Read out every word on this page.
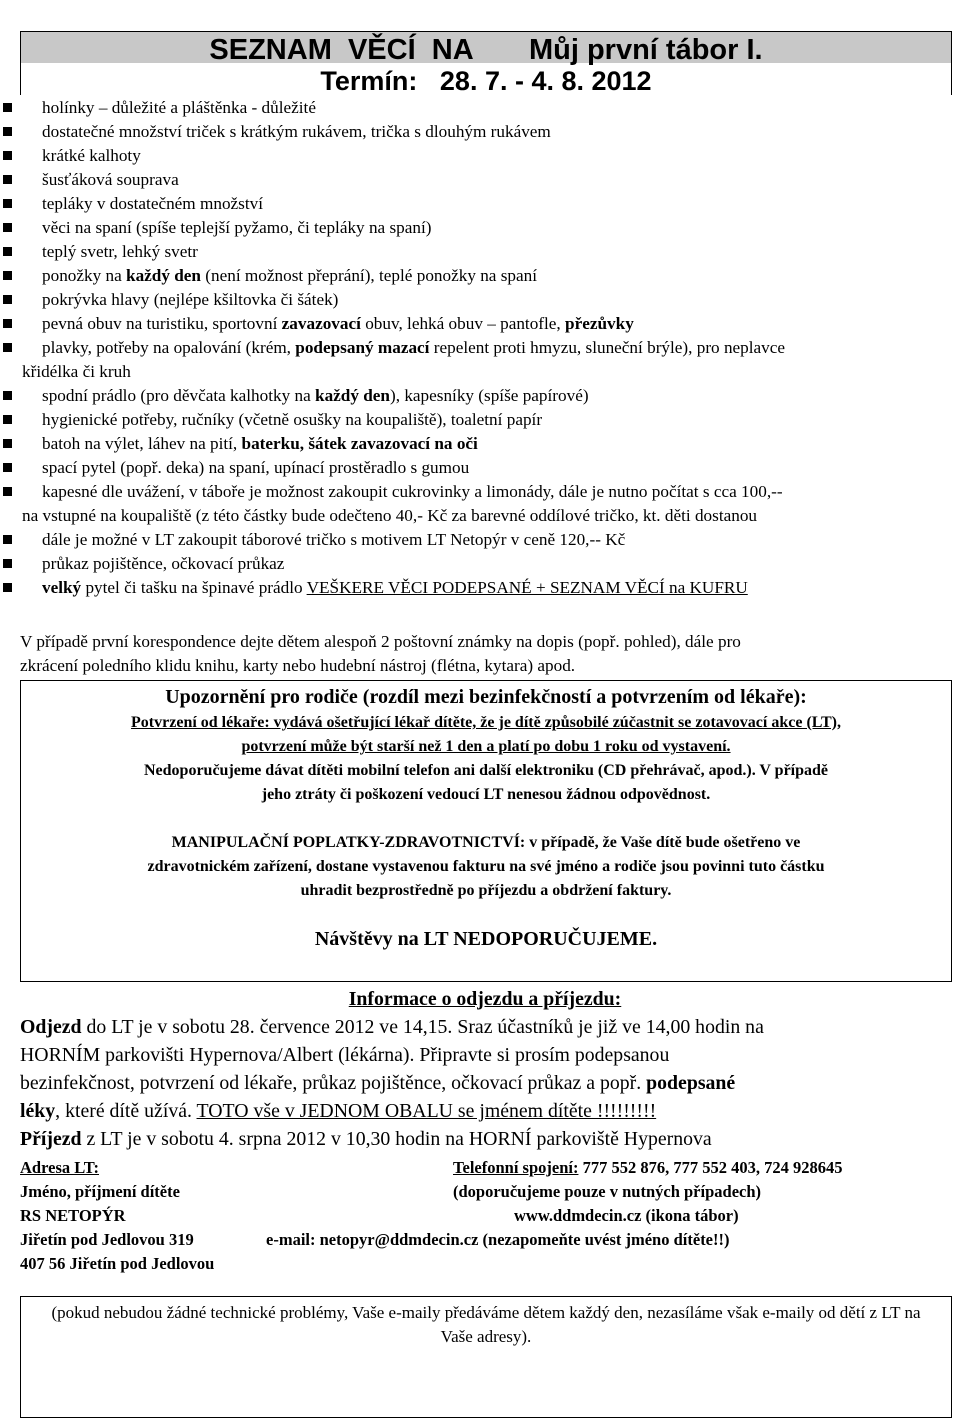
SEZNAM  VĚCÍ  NA       Můj první tábor I.
Termín:   28. 7. - 4. 8. 2012
holínky – důležité a pláštěnka - důležité
dostatečné množství triček s krátkým rukávem, trička s dlouhým rukávem
krátké kalhoty
šusťáková souprava
tepláky v dostatečném množství
věci na spaní (spíše teplejší pyžamo, či tepláky na spaní)
teplý svetr, lehký svetr
ponožky na každý den (není možnost přeprání), teplé ponožky na spaní
pokrývka hlavy (nejlépe kšiltovka či šátek)
pevná obuv na turistiku, sportovní zavazovací obuv, lehká obuv – pantofle, přezůvky
plavky, potřeby na opalování (krém, podepsaný mazací repelent proti hmyzu, sluneční brýle), pro neplavce
křidélka či kruh
spodní prádlo (pro děvčata kalhotky na každý den), kapesníky (spíše papírové)
hygienické potřeby, ručníky (včetně osušky na koupaliště), toaletní papír
batoh na výlet, láhev na pití, baterku, šátek zavazovací na oči
spací pytel (popř. deka) na spaní, upínací prostěradlo s gumou
kapesné dle uvážení, v táboře je možnost zakoupit cukrovinky a limonády, dále je nutno počítat s cca 100,--
na vstupné na koupaliště (z této částky bude odečteno 40,- Kč za barevné oddílové tričko, kt. děti dostanou
dále je možné v LT zakoupit táborové tričko s motivem LT Netopýr v ceně 120,-- Kč
průkaz pojištěnce, očkovací průkaz
velký pytel či tašku na špinavé prádlo VEŠKERE VĚCI PODEPSANÉ + SEZNAM VĚCÍ na KUFRU
V případě první korespondence dejte dětem alespoň 2 poštovní známky na dopis (popř. pohled), dále pro
zkrácení poledního klidu knihu, karty nebo hudební nástroj (flétna, kytara) apod.
Upozornění pro rodiče (rozdíl mezi bezinfekčností a potvrzením od lékaře):
Potvrzení od lékaře: vydává ošetřující lékař dítěte, že je dítě způsobilé zúčastnit se zotavovací akce (LT),
potvrzení může být starší než 1 den a platí po dobu 1 roku od vystavení.
Nedoporučujeme dávat dítěti mobilní telefon ani další elektroniku (CD přehrávač, apod.). V případě
jeho ztráty či poškození vedoucí LT nenesou žádnou odpovědnost.
MANIPULAČNÍ POPLATKY-ZDRAVOTNICTVÍ: v případě, že Vaše dítě bude ošetřeno ve
zdravotnickém zařízení, dostane vystavenou fakturu na své jméno a rodiče jsou povinni tuto částku
uhradit bezprostředně po příjezdu a obdržení faktury.
Návštěvy na LT NEDOPORUČUJEME.
Informace o odjezdu a příjezdu:
Odjezd do LT je v sobotu 28. července 2012 ve 14,15. Sraz účastníků je již ve 14,00 hodin na
HORNÍM parkovišti Hypernova/Albert (lékárna). Připravte si prosím podepsanou
bezinfekčnost, potvrzení od lékaře, průkaz pojištěnce, očkovací průkaz a popř. podepsané
léky, které dítě užívá. TOTO vše v JEDNOM OBALU se jménem dítěte !!!!!!!!!
Příjezd z LT je v sobotu 4. srpna 2012 v 10,30 hodin na HORNÍ parkoviště Hypernova
Adresa LT:	Telefonní spojení: 777 552 876, 777 552 403, 724 928645
Jméno, příjmení dítěte	(doporučujeme pouze v nutných případech)
RS NETOPÝR	www.ddmdecin.cz (ikona tábor)
Jiřetín pod Jedlovou 319	e-mail: netopyr@ddmdecin.cz (nezapomeňte uvést jméno dítěte!!)
407 56 Jiřetín pod Jedlovou
(pokud nebudou žádné technické problémy, Vaše e-maily předáváme dětem každý den, nezasíláme však e-maily od dětí z LT na Vaše adresy).
